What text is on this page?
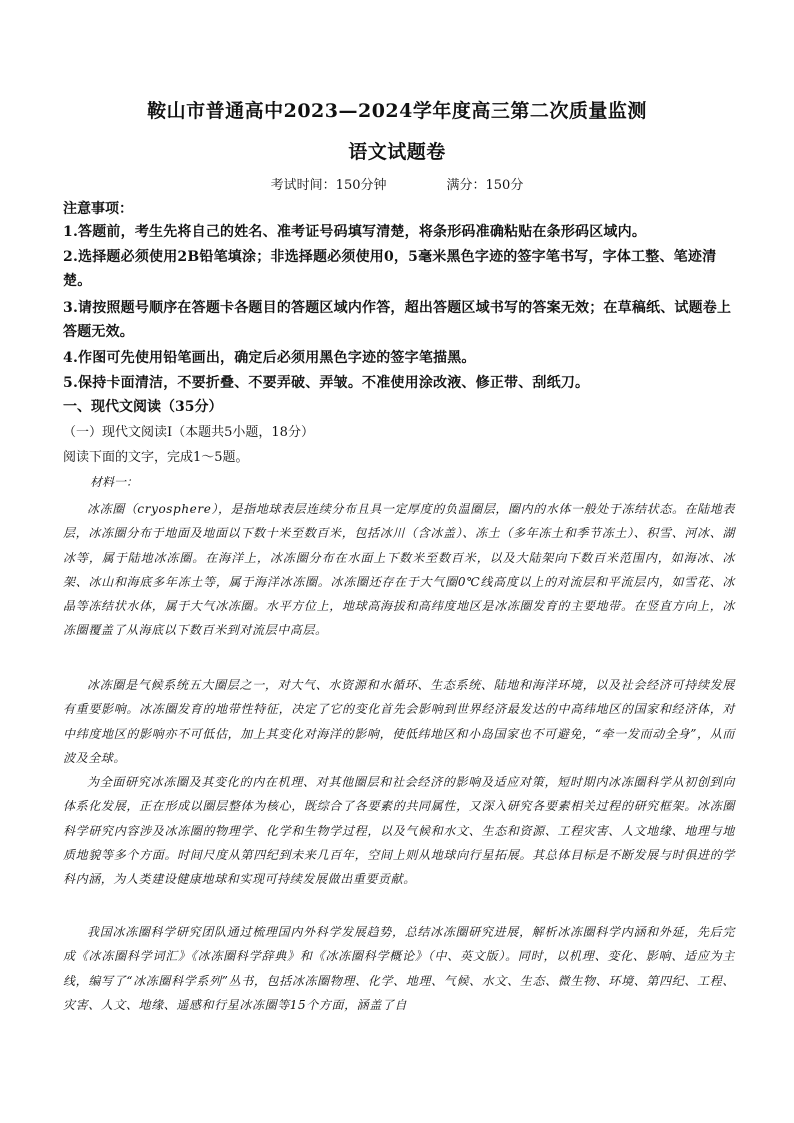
鞍山市普通高中2023—2024学年度高三第二次质量监测
语文试题卷
考试时间：150分钟	满分：150分
注意事项：
1.答题前，考生先将自己的姓名、准考证号码填写清楚，将条形码准确粘贴在条形码区域内。
2.选择题必须使用2B铅笔填涂；非选择题必须使用0，5毫米黑色字迹的签字笔书写，字体工整、笔迹清楚。
3.请按照题号顺序在答题卡各题目的答题区域内作答，超出答题区域书写的答案无效；在草稿纸、试题卷上答题无效。
4.作图可先使用铅笔画出，确定后必须用黑色字迹的签字笔描黑。
5.保持卡面清洁，不要折叠、不要弄破、弄皱。不准使用涂改液、修正带、刮纸刀。
一、现代文阅读（35分）
（一）现代文阅读Ⅰ（本题共5小题，18分）
阅读下面的文字，完成1～5题。
材料一：
冰冻圈（cryosphere），是指地球表层连续分布且具一定厚度的负温圈层，圈内的水体一般处于冻结状态。在陆地表层，冰冻圈分布于地面及地面以下数十米至数百米，包括冰川（含冰盖）、冻土（多年冻土和季节冻土）、积雪、河冰、湖冰等，属于陆地冰冻圈。在海洋上，冰冻圈分布在水面上下数米至数百米，以及大陆架向下数百米范围内，如海冰、冰架、冰山和海底多年冻土等，属于海洋冰冻圈。冰冻圈还存在于大气圈0℃线高度以上的对流层和平流层内，如雪花、冰晶等冻结状水体，属于大气冰冻圈。水平方位上，地球高海拔和高纬度地区是冰冻圈发育的主要地带。在竖直方向上，冰冻圈覆盖了从海底以下数百米到对流层中高层。
冰冻圈是气候系统五大圈层之一，对大气、水资源和水循环、生态系统、陆地和海洋环境，以及社会经济可持续发展有重要影响。冰冻圈发育的地带性特征，决定了它的变化首先会影响到世界经济最发达的中高纬地区的国家和经济体，对中纬度地区的影响亦不可低估，加上其变化对海洋的影响，使低纬地区和小岛国家也不可避免，“牵一发而动全身”，从而波及全球。
为全面研究冰冻圈及其变化的内在机理、对其他圈层和社会经济的影响及适应对策，短时期内冰冻圈科学从初创到向体系化发展，正在形成以圈层整体为核心，既综合了各要素的共同属性，又深入研究各要素相关过程的研究框架。冰冻圈科学研究内容涉及冰冻圈的物理学、化学和生物学过程，以及气候和水文、生态和资源、工程灾害、人文地缘、地理与地质地貌等多个方面。时间尺度从第四纪到未来几百年，空间上则从地球向行星拓展。其总体目标是不断发展与时俱进的学科内涵，为人类建设健康地球和实现可持续发展做出重要贡献。
我国冰冻圈科学研究团队通过梳理国内外科学发展趋势，总结冰冻圈研究进展，解析冰冻圈科学内涵和外延，先后完成《冰冻圈科学词汇》《冰冻圈科学辞典》和《冰冻圈科学概论》（中、英文版）。同时，以机理、变化、影响、适应为主线，编写了“冰冻圈科学系列”丛书，包括冰冻圈物理、化学、地理、气候、水文、生态、微生物、环境、第四纪、工程、灾害、人文、地缘、遥感和行星冰冻圈等15个方面，涵盖了自
